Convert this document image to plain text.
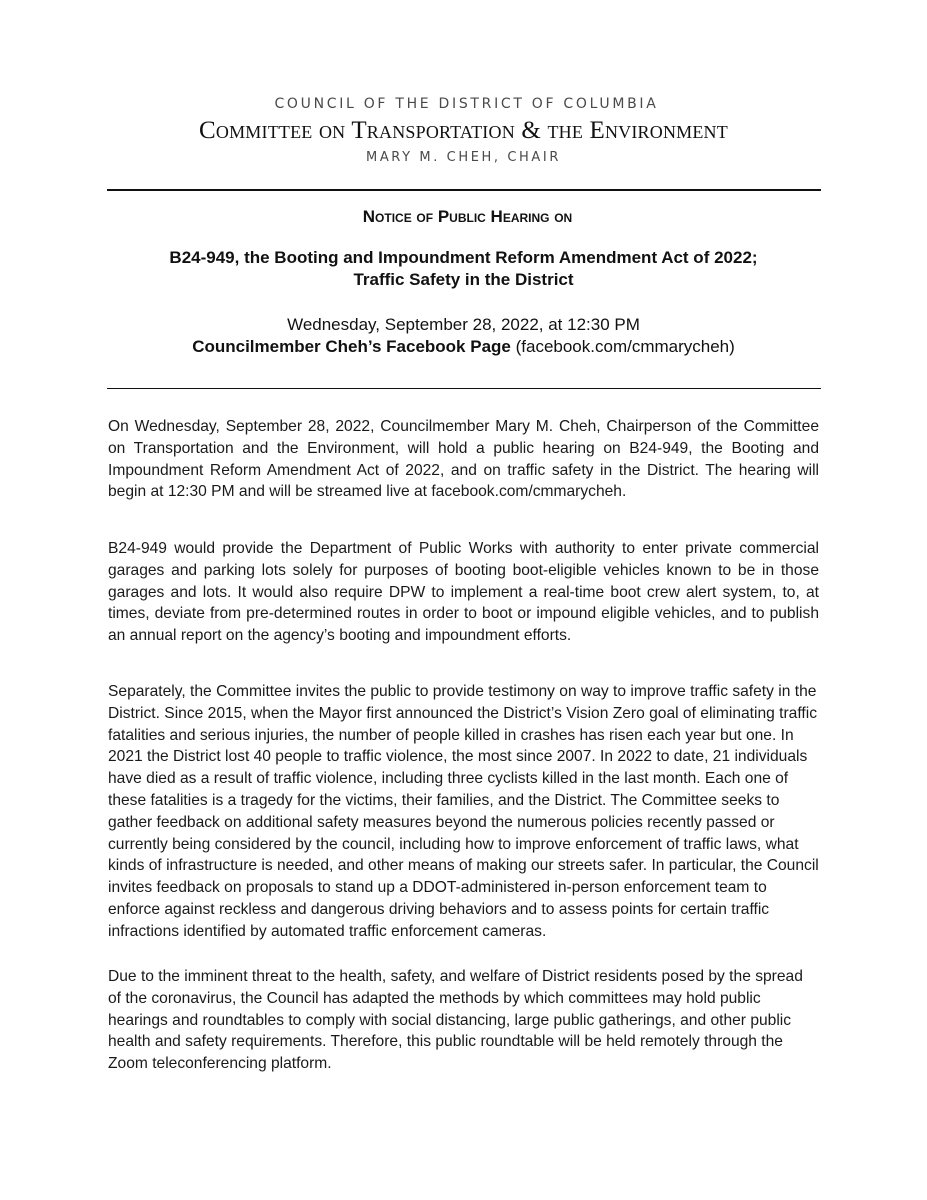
COUNCIL OF THE DISTRICT OF COLUMBIA
Committee on Transportation & the Environment
MARY M. CHEH, CHAIR
Notice of Public Hearing on
B24-949, the Booting and Impoundment Reform Amendment Act of 2022;
Traffic Safety in the District
Wednesday, September 28, 2022, at 12:30 PM
Councilmember Cheh’s Facebook Page (facebook.com/cmmarycheh)

On Wednesday, September 28, 2022, Councilmember Mary M. Cheh, Chairperson of the Committee on Transportation and the Environment, will hold a public hearing on B24-949, the Booting and Impoundment Reform Amendment Act of 2022, and on traffic safety in the District. The hearing will begin at 12:30 PM and will be streamed live at facebook.com/cmmarycheh.

B24-949 would provide the Department of Public Works with authority to enter private commercial garages and parking lots solely for purposes of booting boot-eligible vehicles known to be in those garages and lots. It would also require DPW to implement a real-time boot crew alert system, to, at times, deviate from pre-determined routes in order to boot or impound eligible vehicles, and to publish an annual report on the agency’s booting and impoundment efforts.

Separately, the Committee invites the public to provide testimony on way to improve traffic safety in the District. Since 2015, when the Mayor first announced the District’s Vision Zero goal of eliminating traffic fatalities and serious injuries, the number of people killed in crashes has risen each year but one. In 2021 the District lost 40 people to traffic violence, the most since 2007. In 2022 to date, 21 individuals have died as a result of traffic violence, including three cyclists killed in the last month. Each one of these fatalities is a tragedy for the victims, their families, and the District. The Committee seeks to gather feedback on additional safety measures beyond the numerous policies recently passed or currently being considered by the council, including how to improve enforcement of traffic laws, what kinds of infrastructure is needed, and other means of making our streets safer. In particular, the Council invites feedback on proposals to stand up a DDOT-administered in-person enforcement team to enforce against reckless and dangerous driving behaviors and to assess points for certain traffic infractions identified by automated traffic enforcement cameras.

Due to the imminent threat to the health, safety, and welfare of District residents posed by the spread of the coronavirus, the Council has adapted the methods by which committees may hold public hearings and roundtables to comply with social distancing, large public gatherings, and other public health and safety requirements. Therefore, this public roundtable will be held remotely through the Zoom teleconferencing platform.
